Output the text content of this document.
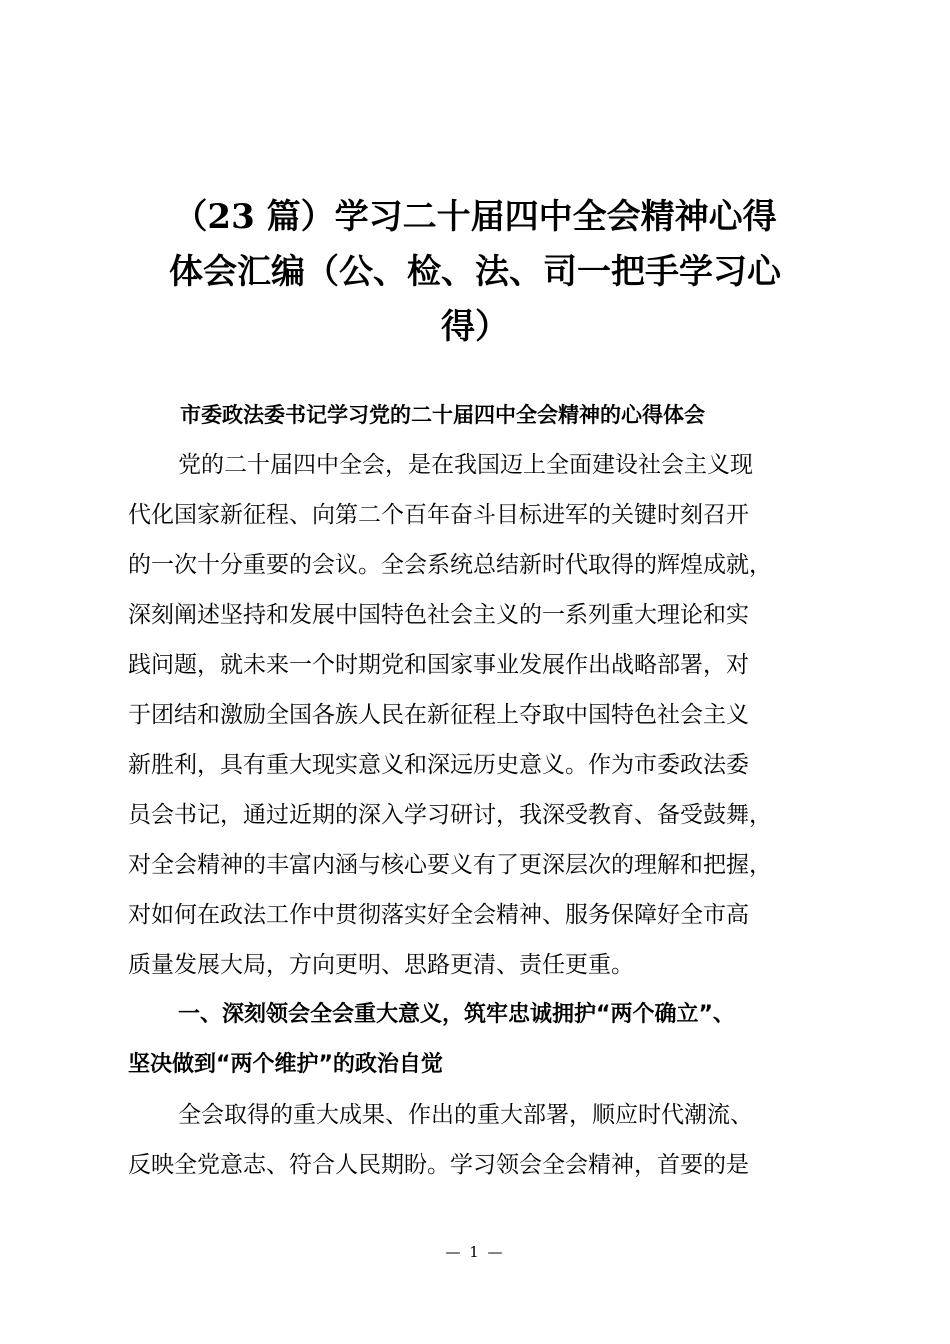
（23 篇）学习二十届四中全会精神心得
体会汇编（公、检、法、司一把手学习心
得）
市委政法委书记学习党的二十届四中全会精神的心得体会
党的二十届四中全会，是在我国迈上全面建设社会主义现
代化国家新征程、向第二个百年奋斗目标进军的关键时刻召开
的一次十分重要的会议。全会系统总结新时代取得的辉煌成就，
深刻阐述坚持和发展中国特色社会主义的一系列重大理论和实
践问题，就未来一个时期党和国家事业发展作出战略部署，对
于团结和激励全国各族人民在新征程上夺取中国特色社会主义
新胜利，具有重大现实意义和深远历史意义。作为市委政法委
员会书记，通过近期的深入学习研讨，我深受教育、备受鼓舞，
对全会精神的丰富内涵与核心要义有了更深层次的理解和把握，
对如何在政法工作中贯彻落实好全会精神、服务保障好全市高
质量发展大局，方向更明、思路更清、责任更重。
一、深刻领会全会重大意义，筑牢忠诚拥护“两个确立”、
坚决做到“两个维护”的政治自觉
全会取得的重大成果、作出的重大部署，顺应时代潮流、
反映全党意志、符合人民期盼。学习领会全会精神，首要的是
— 1 —
